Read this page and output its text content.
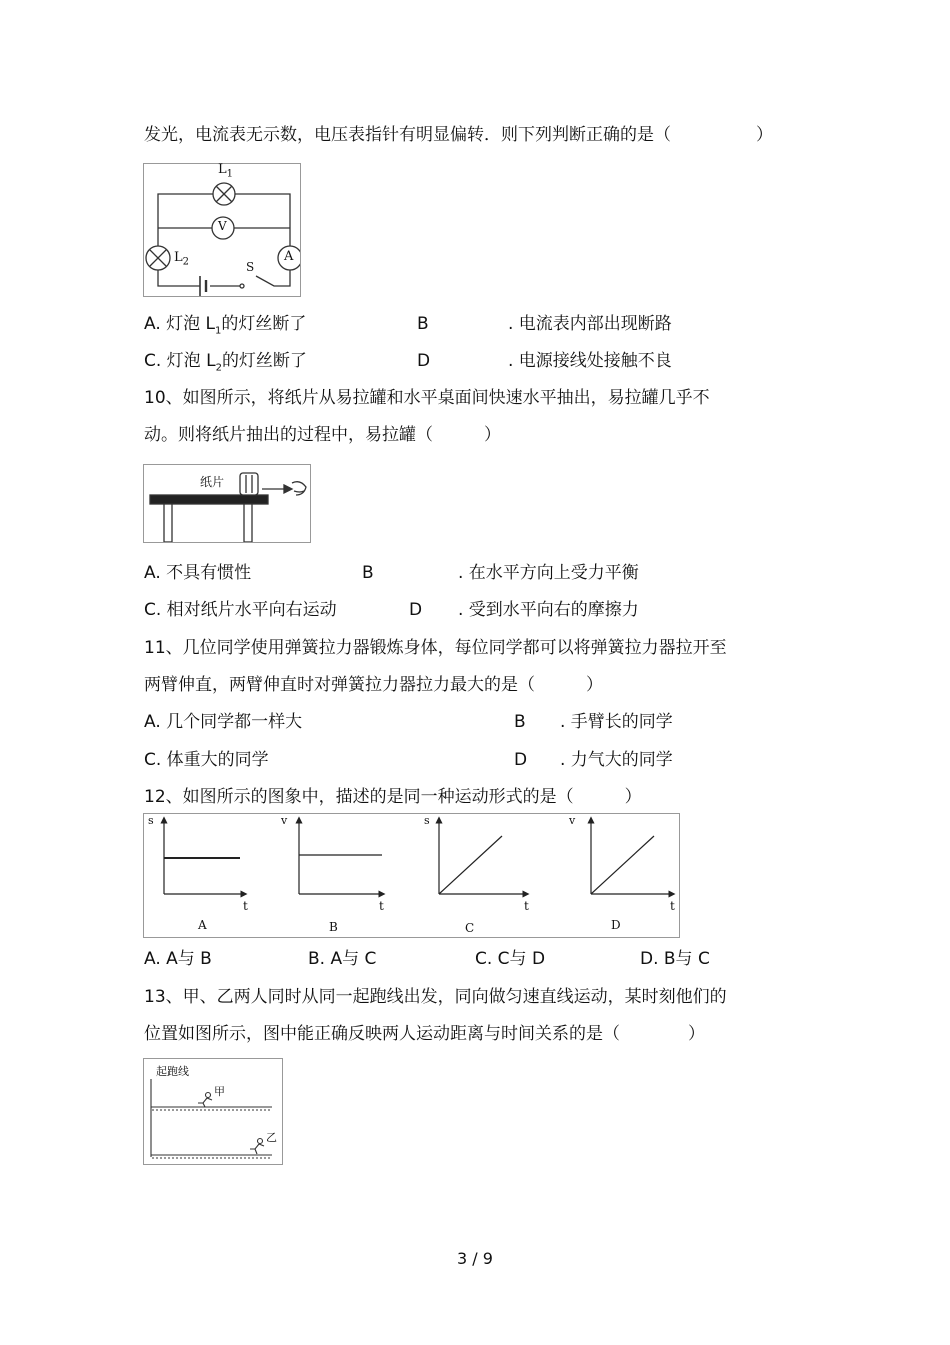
发光，电流表无示数，电压表指针有明显偏转．则下列判断正确的是（　　　　　）
$L_1$
V
$L_2$	A
S
A. 灯泡 $L_1$的灯丝断了	B	. 电流表内部出现断路
C. 灯泡 $L_2$的灯丝断了	D	. 电源接线处接触不良
10、如图所示，将纸片从易拉罐和水平桌面间快速水平抽出，易拉罐几乎不
动。则将纸片抽出的过程中，易拉罐（　　　）
纸片
A. 不具有惯性	B	. 在水平方向上受力平衡
C. 相对纸片水平向右运动	D . 受到水平向右的摩擦力
11、几位同学使用弹簧拉力器锻炼身体，每位同学都可以将弹簧拉力器拉开至
两臂伸直，两臂伸直时对弹簧拉力器拉力最大的是（　　　）
A. 几个同学都一样大	B . 手臂长的同学
C. 体重大的同学	D . 力气大的同学
12、如图所示的图象中，描述的是同一种运动形式的是（　　　）
s
t
A
v
t
B
s
t
C
v
t
D
A. A与 B	B. A与 C	C. C与 D	D. B与 C
13、甲、乙两人同时从同一起跑线出发，同向做匀速直线运动，某时刻他们的
位置如图所示，图中能正确反映两人运动距离与时间关系的是（　　　　）
起跑线
甲
乙
3 / 9
